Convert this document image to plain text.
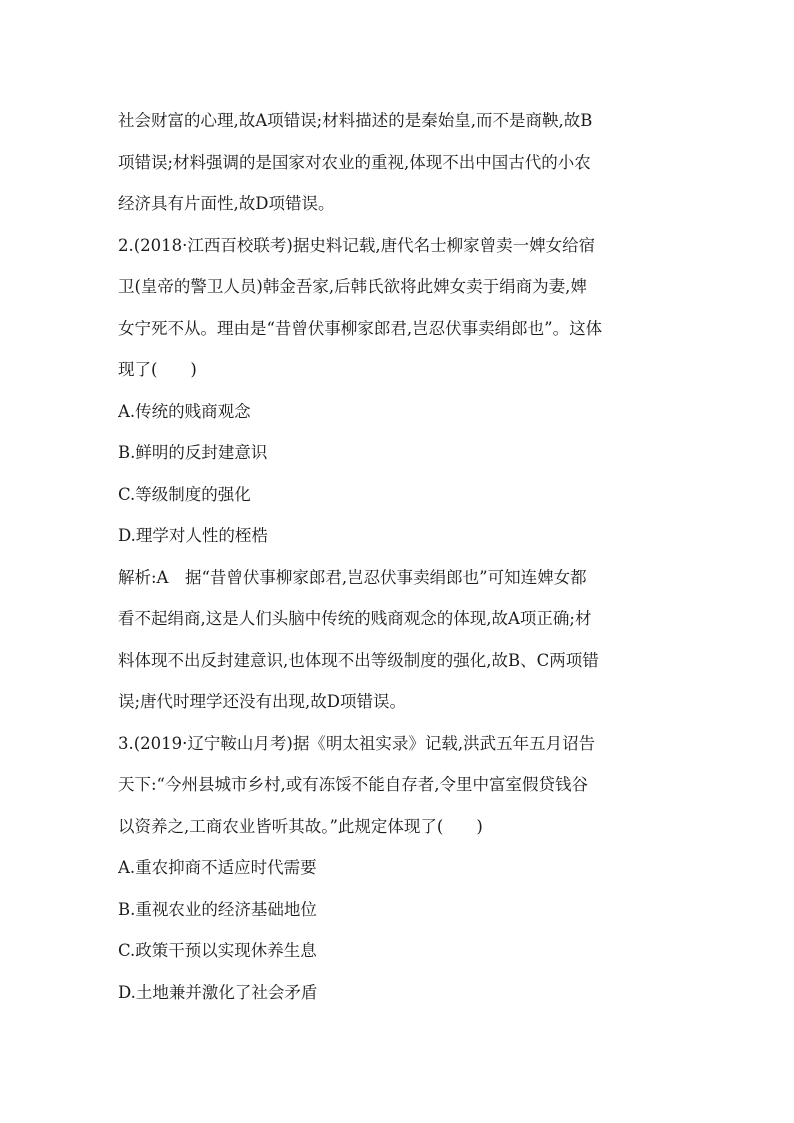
社会财富的心理,故A项错误;材料描述的是秦始皇,而不是商鞅,故B
项错误;材料强调的是国家对农业的重视,体现不出中国古代的小农
经济具有片面性,故D项错误。
2.(2018·江西百校联考)据史料记载,唐代名士柳家曾卖一婢女给宿
卫(皇帝的警卫人员)韩金吾家,后韩氏欲将此婢女卖于绢商为妻,婢
女宁死不从。理由是“昔曾伏事柳家郎君,岂忍伏事卖绢郎也”。这体
现了(　　)
A.传统的贱商观念
B.鲜明的反封建意识
C.等级制度的强化
D.理学对人性的桎梏
解析:A　据“昔曾伏事柳家郎君,岂忍伏事卖绢郎也”可知连婢女都
看不起绢商,这是人们头脑中传统的贱商观念的体现,故A项正确;材
料体现不出反封建意识,也体现不出等级制度的强化,故B、C两项错
误;唐代时理学还没有出现,故D项错误。
3.(2019·辽宁鞍山月考)据《明太祖实录》记载,洪武五年五月诏告
天下:“今州县城市乡村,或有冻馁不能自存者,令里中富室假贷钱谷
以资养之,工商农业皆听其故。”此规定体现了(　　)
A.重农抑商不适应时代需要
B.重视农业的经济基础地位
C.政策干预以实现休养生息
D.土地兼并激化了社会矛盾
